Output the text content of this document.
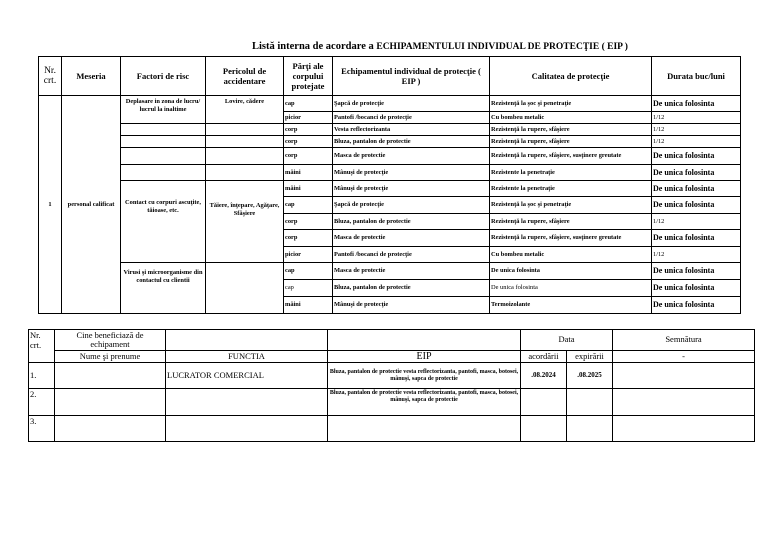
Listă interna de acordare a ECHIPAMENTULUI INDIVIDUAL DE PROTECŢIE ( EIP )
Nr. crt.	Meseria	Factori de risc	Pericolul de accidentare	Părţi ale corpului protejate	Echipamentul individual de protecţie ( EIP )	Calitatea de protecţie	Durata buc/luni
1	personal calificat	Deplasare in zona de lucru/ lucrul la inaltime	Lovire, cădere	cap	Şapcă de protecţie	Rezistenţă la şoc şi penetraţie	De unica folosinta
				picior	Pantofi /bocanci de protecţie	Cu bombeu metalic	1/12
				corp	Vesta reflectorizanta	Rezistenţă la rupere, sfâşiere	1/12
				corp	Bluza, pantalon de protectie	Rezistenţă la rupere, sfâşiere	1/12
				corp	Masca de protectie	Rezistenţă la rupere, sfâşiere, susţinere greutate	De unica folosinta
				mâini	Mânuşi de protecţie	Rezistente la penetraţie	De unica folosinta
		Contact cu corpuri ascuţite, tăioase, etc.	Tăiere, înţepare, Agăţare, Sfâşiere	mâini	Mânuşi de protecţie	Rezistente la penetraţie	De unica folosinta
				cap	Şapcă de protecţie	Rezistenţă la şoc şi penetraţie	De unica folosinta
				corp	Bluza, pantalon de protectie	Rezistenţă la rupere, sfâşiere	1/12
				corp	Masca de protectie	Rezistenţă la rupere, sfâşiere, susţinere greutate	De unica folosinta
				picior	Pantofi /bocanci de protecţie	Cu bombeu metalic	1/12
		Virusi şi microorganisme din contactul cu clientii		cap	Masca de protectie	De unica folosinta	De unica folosinta
				cap	Bluza, pantalon de protectie	De unica folosinta	De unica folosinta
				mâini	Mânuşi de protecţie	Termoizolante	De unica folosinta
Nr. crt.	Cine beneficiază de echipament			Data		Semnătura
	Nume şi prenume	FUNCTIA	EIP	acordării	expirării	-
1.		LUCRATOR COMERCIAL	Bluza, pantalon de protectie vesta reflectorizanta, pantofi, masca, botosei, mânuşi, sapca de protectie	.08.2024	.08.2025	
2.			Bluza, pantalon de protectie vesta reflectorizanta, pantofi, masca, botosei, mânuşi, sapca de protectie			
3.						
